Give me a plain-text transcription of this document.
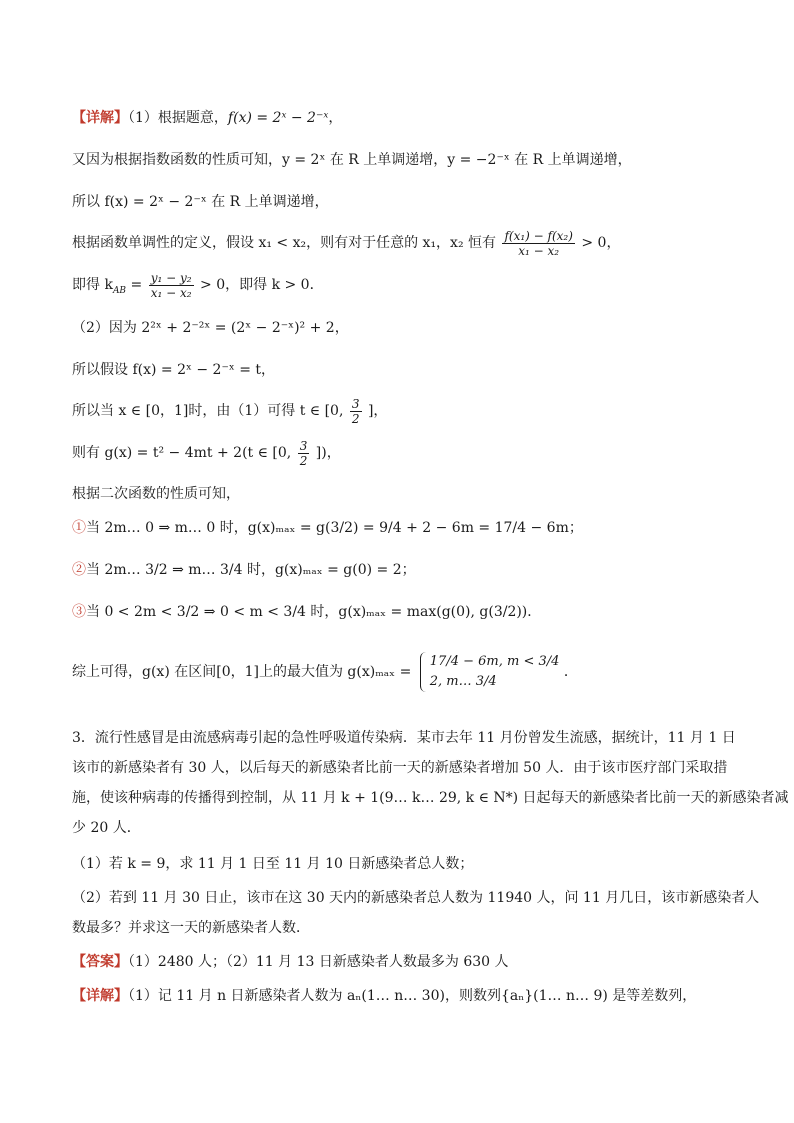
【详解】（1）根据题意，f(x) = 2ˣ − 2⁻ˣ，
又因为根据指数函数的性质可知，y = 2ˣ 在 R 上单调递增，y = −2⁻ˣ 在 R 上单调递增，
所以 f(x) = 2ˣ − 2⁻ˣ 在 R 上单调递增，
根据函数单调性的定义，假设 x₁ < x₂，则有对于任意的 x₁，x₂ 恒有 $\frac{\text{f(x₁) − f(x₂)}}{\text{x₁ − x₂}} > 0$，
即得 $k_{AB} = \frac{\text{y₁ − y₂}}{\text{x₁ − x₂}} > 0$，即得 k > 0．
（2）因为 2²ˣ + 2⁻²ˣ = (2ˣ − 2⁻ˣ)² + 2，
所以假设 f(x) = 2ˣ − 2⁻ˣ = t，
所以当 x ∈ [0，1]时，由（1）可得 t ∈ [0, $\frac{3}{2}$ ]，
则有 g(x) = t² − 4mt + 2(t ∈ [0, $\frac{3}{2}$ ])，
根据二次函数的性质可知，
①当 2m… 0 ⇒ m… 0 时，g(x)ₘₐₓ = g(3/2) = 9/4 + 2 − 6m = 17/4 − 6m；
②当 2m… 3/2 ⇒ m… 3/4 时，g(x)ₘₐₓ = g(0) = 2；
③当 0 < 2m < 3/2 ⇒ 0 < m < 3/4 时，g(x)ₘₐₓ = max(g(0), g(3/2))．
综上可得，g(x) 在区间[0，1]上的最大值为 g(x)ₘₐₓ =
17/4 − 6m, m < 3/4
2, m… 3/4
．
3．流行性感冒是由流感病毒引起的急性呼吸道传染病．某市去年 11 月份曾发生流感，据统计，11 月 1 日
该市的新感染者有 30 人，以后每天的新感染者比前一天的新感染者增加 50 人．由于该市医疗部门采取措
施，使该种病毒的传播得到控制，从 11 月 k + 1(9… k… 29, k ∈ N*) 日起每天的新感染者比前一天的新感染者减
少 20 人．
（1）若 k = 9，求 11 月 1 日至 11 月 10 日新感染者总人数；
（2）若到 11 月 30 日止，该市在这 30 天内的新感染者总人数为 11940 人，问 11 月几日，该市新感染者人
数最多？并求这一天的新感染者人数．
【答案】（1）2480 人；（2）11 月 13 日新感染者人数最多为 630 人
【详解】（1）记 11 月 n 日新感染者人数为 aₙ(1… n… 30)，则数列{aₙ}(1… n… 9) 是等差数列，
